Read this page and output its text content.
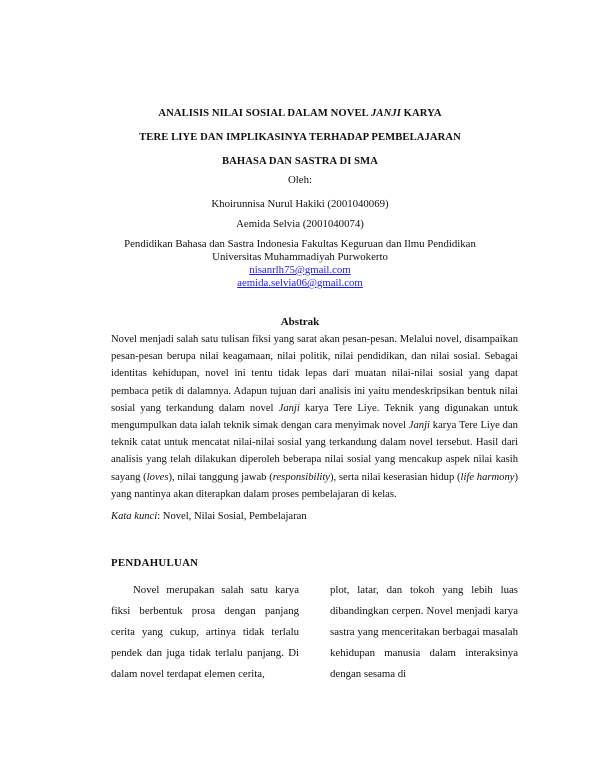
ANALISIS NILAI SOSIAL DALAM NOVEL JANJI KARYA
TERE LIYE DAN IMPLIKASINYA TERHADAP PEMBELAJARAN
BAHASA DAN SASTRA DI SMA
Oleh:
Khoirunnisa Nurul Hakiki (2001040069)
Aemida Selvia (2001040074)
Pendidikan Bahasa dan Sastra Indonesia Fakultas Keguruan dan Ilmu Pendidikan
Universitas Muhammadiyah Purwokerto
nisanrlh75@gmail.com
aemida.selvia06@gmail.com
Abstrak

Novel menjadi salah satu tulisan fiksi yang sarat akan pesan-pesan. Melalui novel, disampaikan pesan-pesan berupa nilai keagamaan, nilai politik, nilai pendidikan, dan nilai sosial. Sebagai identitas kehidupan, novel ini tentu tidak lepas dari muatan nilai-nilai sosial yang dapat pembaca petik di dalamnya. Adapun tujuan dari analisis ini yaitu mendeskripsikan bentuk nilai sosial yang terkandung dalam novel Janji karya Tere Liye. Teknik yang digunakan untuk mengumpulkan data ialah teknik simak dengan cara menyimak novel Janji karya Tere Liye dan teknik catat untuk mencatat nilai-nilai sosial yang terkandung dalam novel tersebut. Hasil dari analisis yang telah dilakukan diperoleh beberapa nilai sosial yang mencakup aspek nilai kasih sayang (loves), nilai tanggung jawab (responsibility), serta nilai keserasian hidup (life harmony) yang nantinya akan diterapkan dalam proses pembelajaran di kelas.

Kata kunci: Novel, Nilai Sosial, Pembelajaran
PENDAHULUAN

Novel merupakan salah satu karya fiksi berbentuk prosa dengan panjang cerita yang cukup, artinya tidak terlalu pendek dan juga tidak terlalu panjang. Di dalam novel terdapat elemen cerita,

plot, latar, dan tokoh yang lebih luas dibandingkan cerpen. Novel menjadi karya sastra yang menceritakan berbagai masalah kehidupan manusia dalam interaksinya dengan sesama di
